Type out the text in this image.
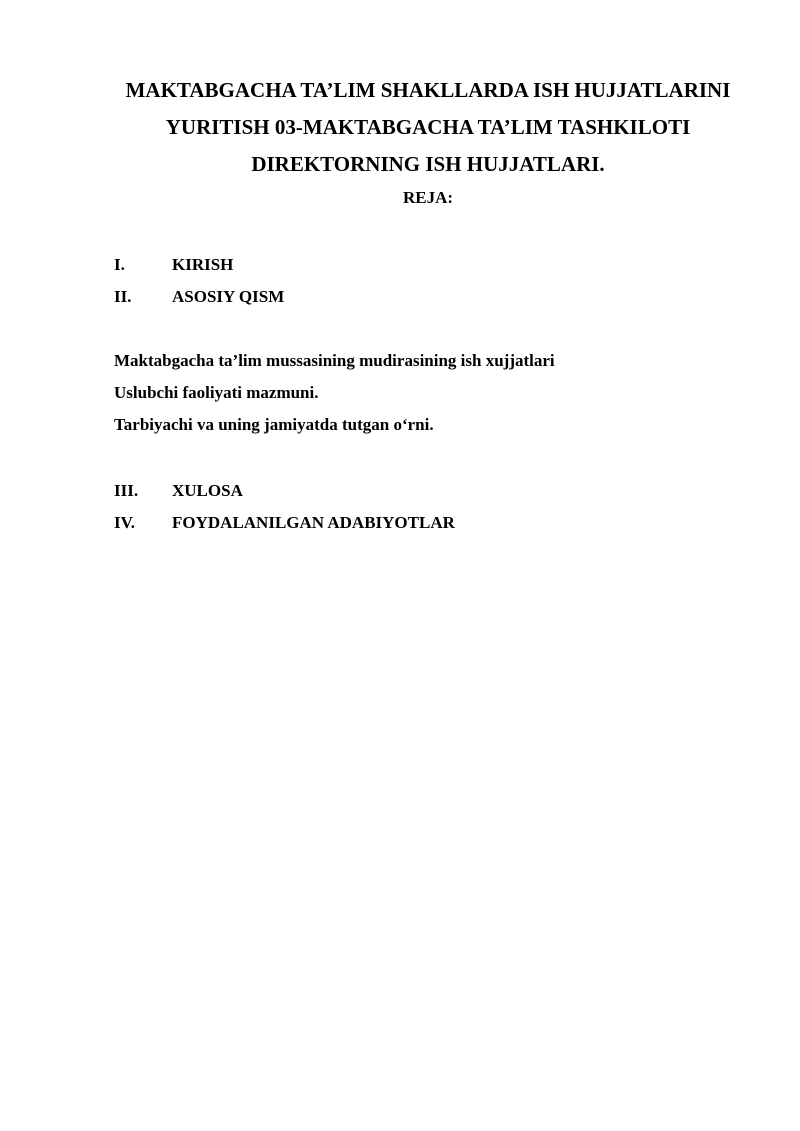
MAKTABGACHA TA’LIM SHAKLLARDA ISH HUJJATLARINI
YURITISH 03-MAKTABGACHA TA’LIM TASHKILOTI
DIREKTORNING ISH HUJJATLARI.
REJA:
I.	KIRISH
II. ASOSIY QISM
Maktabgacha ta’lim mussasining mudirasining ish xujjatlari
Uslubchi faoliyati mazmuni.
Tarbiyachi va uning jamiyatda tutgan o‘rni.
III. XULOSA
IV. FOYDALANILGAN ADABIYOTLAR
